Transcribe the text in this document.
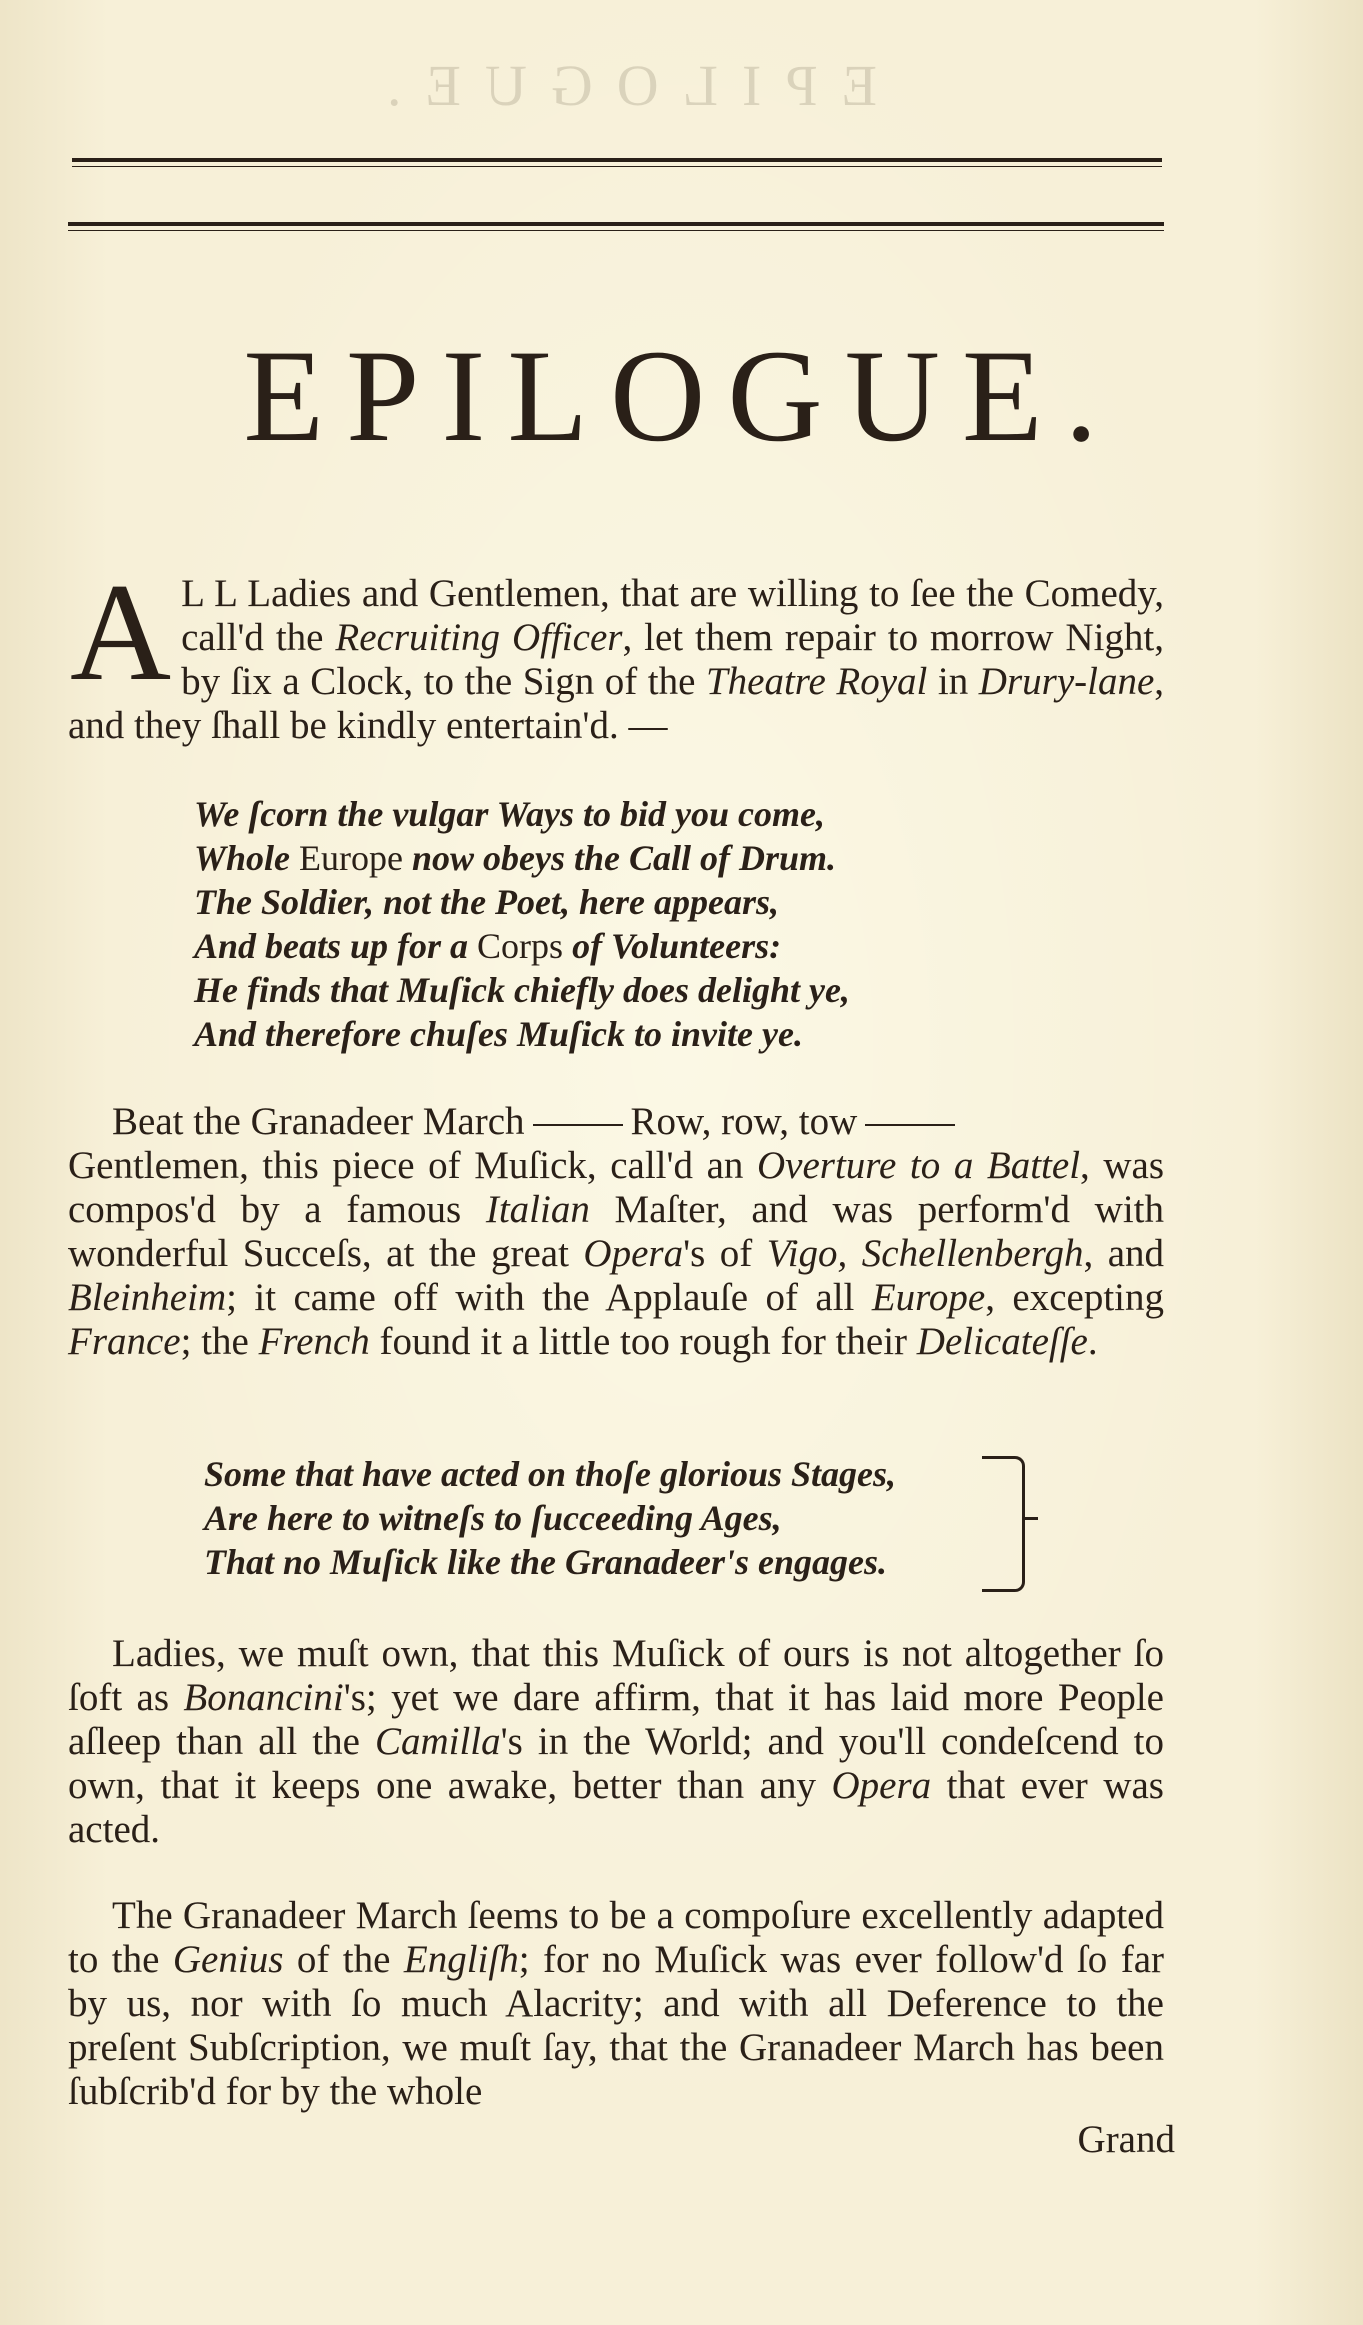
EPILOGUE.
EPILOGUE.
A L L Ladies and Gentlemen, that are willing to ſee the Comedy, call'd the Recruiting Officer, let them repair to morrow Night, by ſix a Clock, to the Sign of the Theatre Royal in Drury-lane, and they ſhall be kindly entertain'd. —
We ſcorn the vulgar Ways to bid you come,
Whole Europe now obeys the Call of Drum.
The Soldier, not the Poet, here appears,
And beats up for a Corps of Volunteers:
He finds that Muſick chiefly does delight ye,
And therefore chuſes Muſick to invite ye.
Beat the Granadeer March	Row, row, tow
Gentlemen, this piece of Muſick, call'd an Overture to a Battel, was compos'd by a famous Italian Maſter, and was perform'd with wonderful Succeſs, at the great Opera's of Vigo, Schellenbergh, and Bleinheim; it came off with the Applauſe of all Europe, excepting France; the French found it a little too rough for their Delicateſſe.
Some that have acted on thoſe glorious Stages,
Are here to witneſs to ſucceeding Ages,
That no Muſick like the Granadeer's engages.
Ladies, we muſt own, that this Muſick of ours is not altogether ſo ſoft as Bonancini's; yet we dare affirm, that it has laid more People aſleep than all the Camilla's in the World; and you'll condeſcend to own, that it keeps one awake, better than any Opera that ever was acted.
The Granadeer March ſeems to be a compoſure excellently adapted to the Genius of the Engliſh; for no Muſick was ever follow'd ſo far by us, nor with ſo much Alacrity; and with all Deference to the preſent Subſcription, we muſt ſay, that the Granadeer March has been ſubſcrib'd for by the whole
Grand
